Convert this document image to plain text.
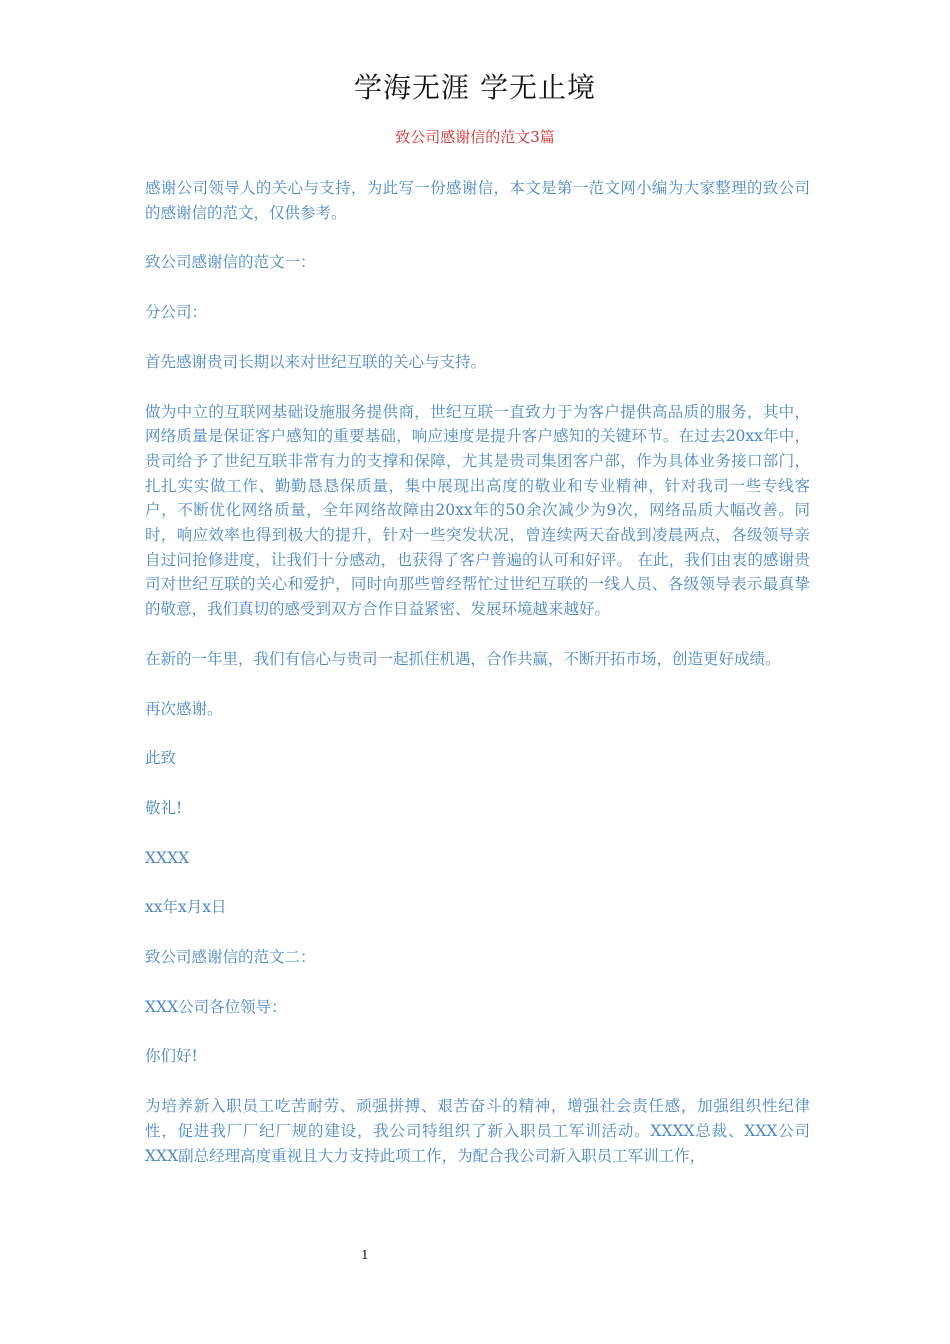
学海无涯 学无止境
致公司感谢信的范文3篇

感谢公司领导人的关心与支持，为此写一份感谢信，本文是第一范文网小编为大家整理的致公司的感谢信的范文，仅供参考。

致公司感谢信的范文一：

分公司：

首先感谢贵司长期以来对世纪互联的关心与支持。

做为中立的互联网基础设施服务提供商，世纪互联一直致力于为客户提供高品质的服务，其中，网络质量是保证客户感知的重要基础，响应速度是提升客户感知的关键环节。在过去20xx年中，贵司给予了世纪互联非常有力的支撑和保障，尤其是贵司集团客户部，作为具体业务接口部门，扎扎实实做工作、勤勤恳恳保质量，集中展现出高度的敬业和专业精神，针对我司一些专线客户，不断优化网络质量，全年网络故障由20xx年的50余次减少为9次，网络品质大幅改善。同时，响应效率也得到极大的提升，针对一些突发状况，曾连续两天奋战到凌晨两点，各级领导亲自过问抢修进度，让我们十分感动，也获得了客户普遍的认可和好评。 在此，我们由衷的感谢贵司对世纪互联的关心和爱护，同时向那些曾经帮忙过世纪互联的一线人员、各级领导表示最真挚的敬意，我们真切的感受到双方合作日益紧密、发展环境越来越好。

在新的一年里，我们有信心与贵司一起抓住机遇，合作共赢，不断开拓市场，创造更好成绩。

再次感谢。

此致

敬礼!

XXXX

xx年x月x日

致公司感谢信的范文二：

XXX公司各位领导：

你们好!

为培养新入职员工吃苦耐劳、顽强拼搏、艰苦奋斗的精神，增强社会责任感，加强组织性纪律性，促进我厂厂纪厂规的建设，我公司特组织了新入职员工军训活动。XXXX总裁、XXX公司XXX副总经理高度重视且大力支持此项工作，为配合我公司新入职员工军训工作，

1
